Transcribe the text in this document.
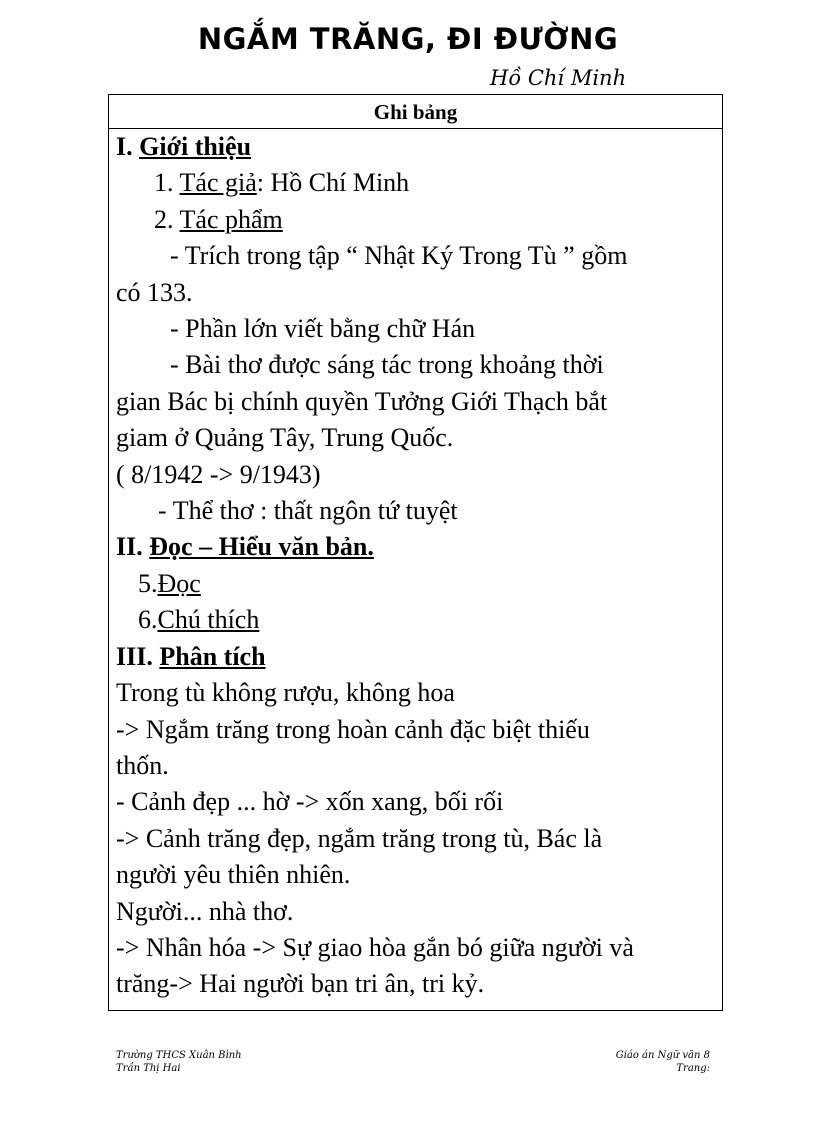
NGẮM TRĂNG, ĐI ĐƯỜNG
Hồ Chí Minh
Ghi bảng
I. Giới thiệu
1. Tác giả: Hồ Chí Minh
2. Tác phẩm
- Trích trong tập “ Nhật Ký Trong Tù ” gồm
có 133.
- Phần lớn viết bằng chữ Hán
- Bài thơ được sáng tác trong khoảng thời
gian Bác bị chính quyền Tưởng Giới Thạch bắt
giam ở Quảng Tây, Trung Quốc.
( 8/1942 -> 9/1943)
- Thể thơ : thất ngôn tứ tuyệt
II. Đọc – Hiểu văn bản.
5.Đọc
6.Chú thích
III. Phân tích
Trong tù không rượu, không hoa
-> Ngắm trăng trong hoàn cảnh đặc biệt thiếu
thốn.
- Cảnh đẹp ... hờ -> xốn xang, bối rối
-> Cảnh trăng đẹp, ngắm trăng trong tù, Bác là
người yêu thiên nhiên.
Người... nhà thơ.
-> Nhân hóa -> Sự giao hòa gắn bó giữa người và
trăng-> Hai người bạn tri ân, tri kỷ.
Trường THCS Xuân Bình
Trần Thị Hai
Giáo án Ngữ văn 8
Trang:
